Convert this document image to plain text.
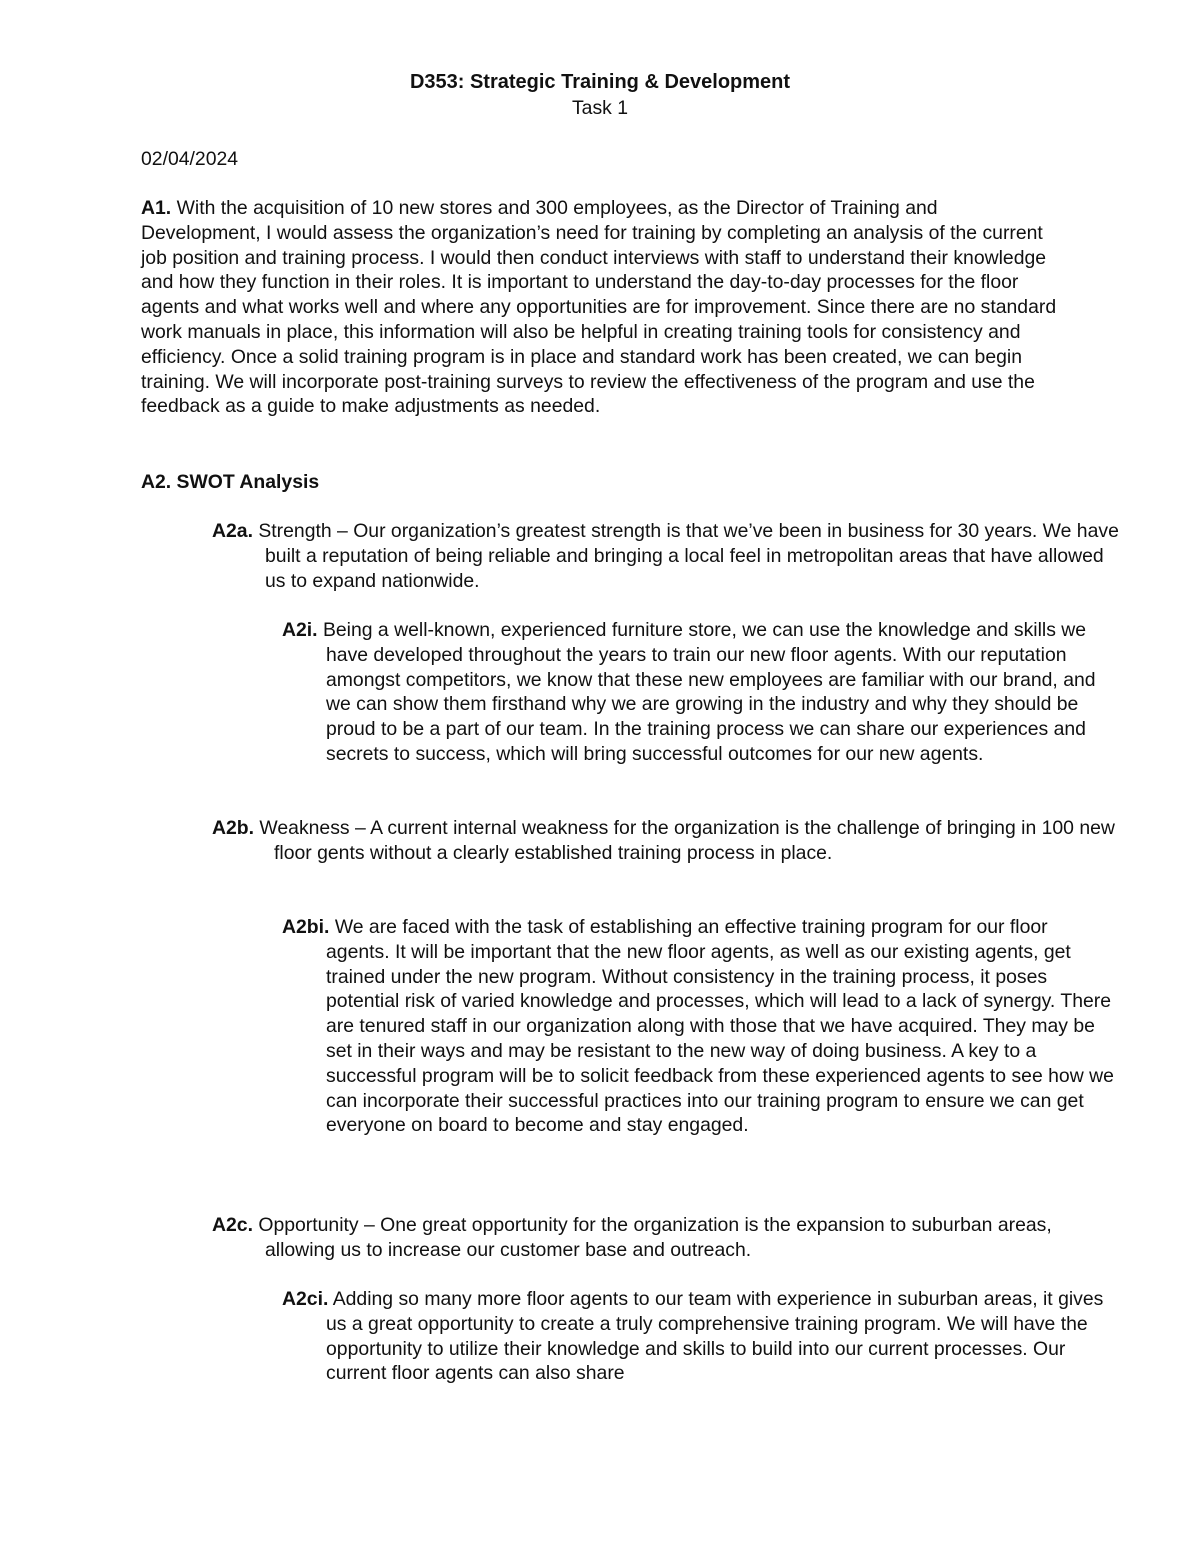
D353: Strategic Training & Development
Task 1
02/04/2024

A1. With the acquisition of 10 new stores and 300 employees, as the Director of Training and Development, I would assess the organization’s need for training by completing an analysis of the current job position and training process. I would then conduct interviews with staff to understand their knowledge and how they function in their roles. It is important to understand the day-to-day processes for the floor agents and what works well and where any opportunities are for improvement. Since there are no standard work manuals in place, this information will also be helpful in creating training tools for consistency and efficiency. Once a solid training program is in place and standard work has been created, we can begin training. We will incorporate post-training surveys to review the effectiveness of the program and use the feedback as a guide to make adjustments as needed.

A2. SWOT Analysis

A2a. Strength – Our organization’s greatest strength is that we’ve been in business for 30 years. We have built a reputation of being reliable and bringing a local feel in metropolitan areas that have allowed us to expand nationwide.

A2i. Being a well-known, experienced furniture store, we can use the knowledge and skills we have developed throughout the years to train our new floor agents. With our reputation amongst competitors, we know that these new employees are familiar with our brand, and we can show them firsthand why we are growing in the industry and why they should be proud to be a part of our team. In the training process we can share our experiences and secrets to success, which will bring successful outcomes for our new agents.

A2b. Weakness – A current internal weakness for the organization is the challenge of bringing in 100 new floor gents without a clearly established training process in place.

A2bi. We are faced with the task of establishing an effective training program for our floor agents. It will be important that the new floor agents, as well as our existing agents, get trained under the new program. Without consistency in the training process, it poses potential risk of varied knowledge and processes, which will lead to a lack of synergy. There are tenured staff in our organization along with those that we have acquired. They may be set in their ways and may be resistant to the new way of doing business. A key to a successful program will be to solicit feedback from these experienced agents to see how we can incorporate their successful practices into our training program to ensure we can get everyone on board to become and stay engaged.

A2c. Opportunity – One great opportunity for the organization is the expansion to suburban areas, allowing us to increase our customer base and outreach.

A2ci. Adding so many more floor agents to our team with experience in suburban areas, it gives us a great opportunity to create a truly comprehensive training program. We will have the opportunity to utilize their knowledge and skills to build into our current processes. Our current floor agents can also share
